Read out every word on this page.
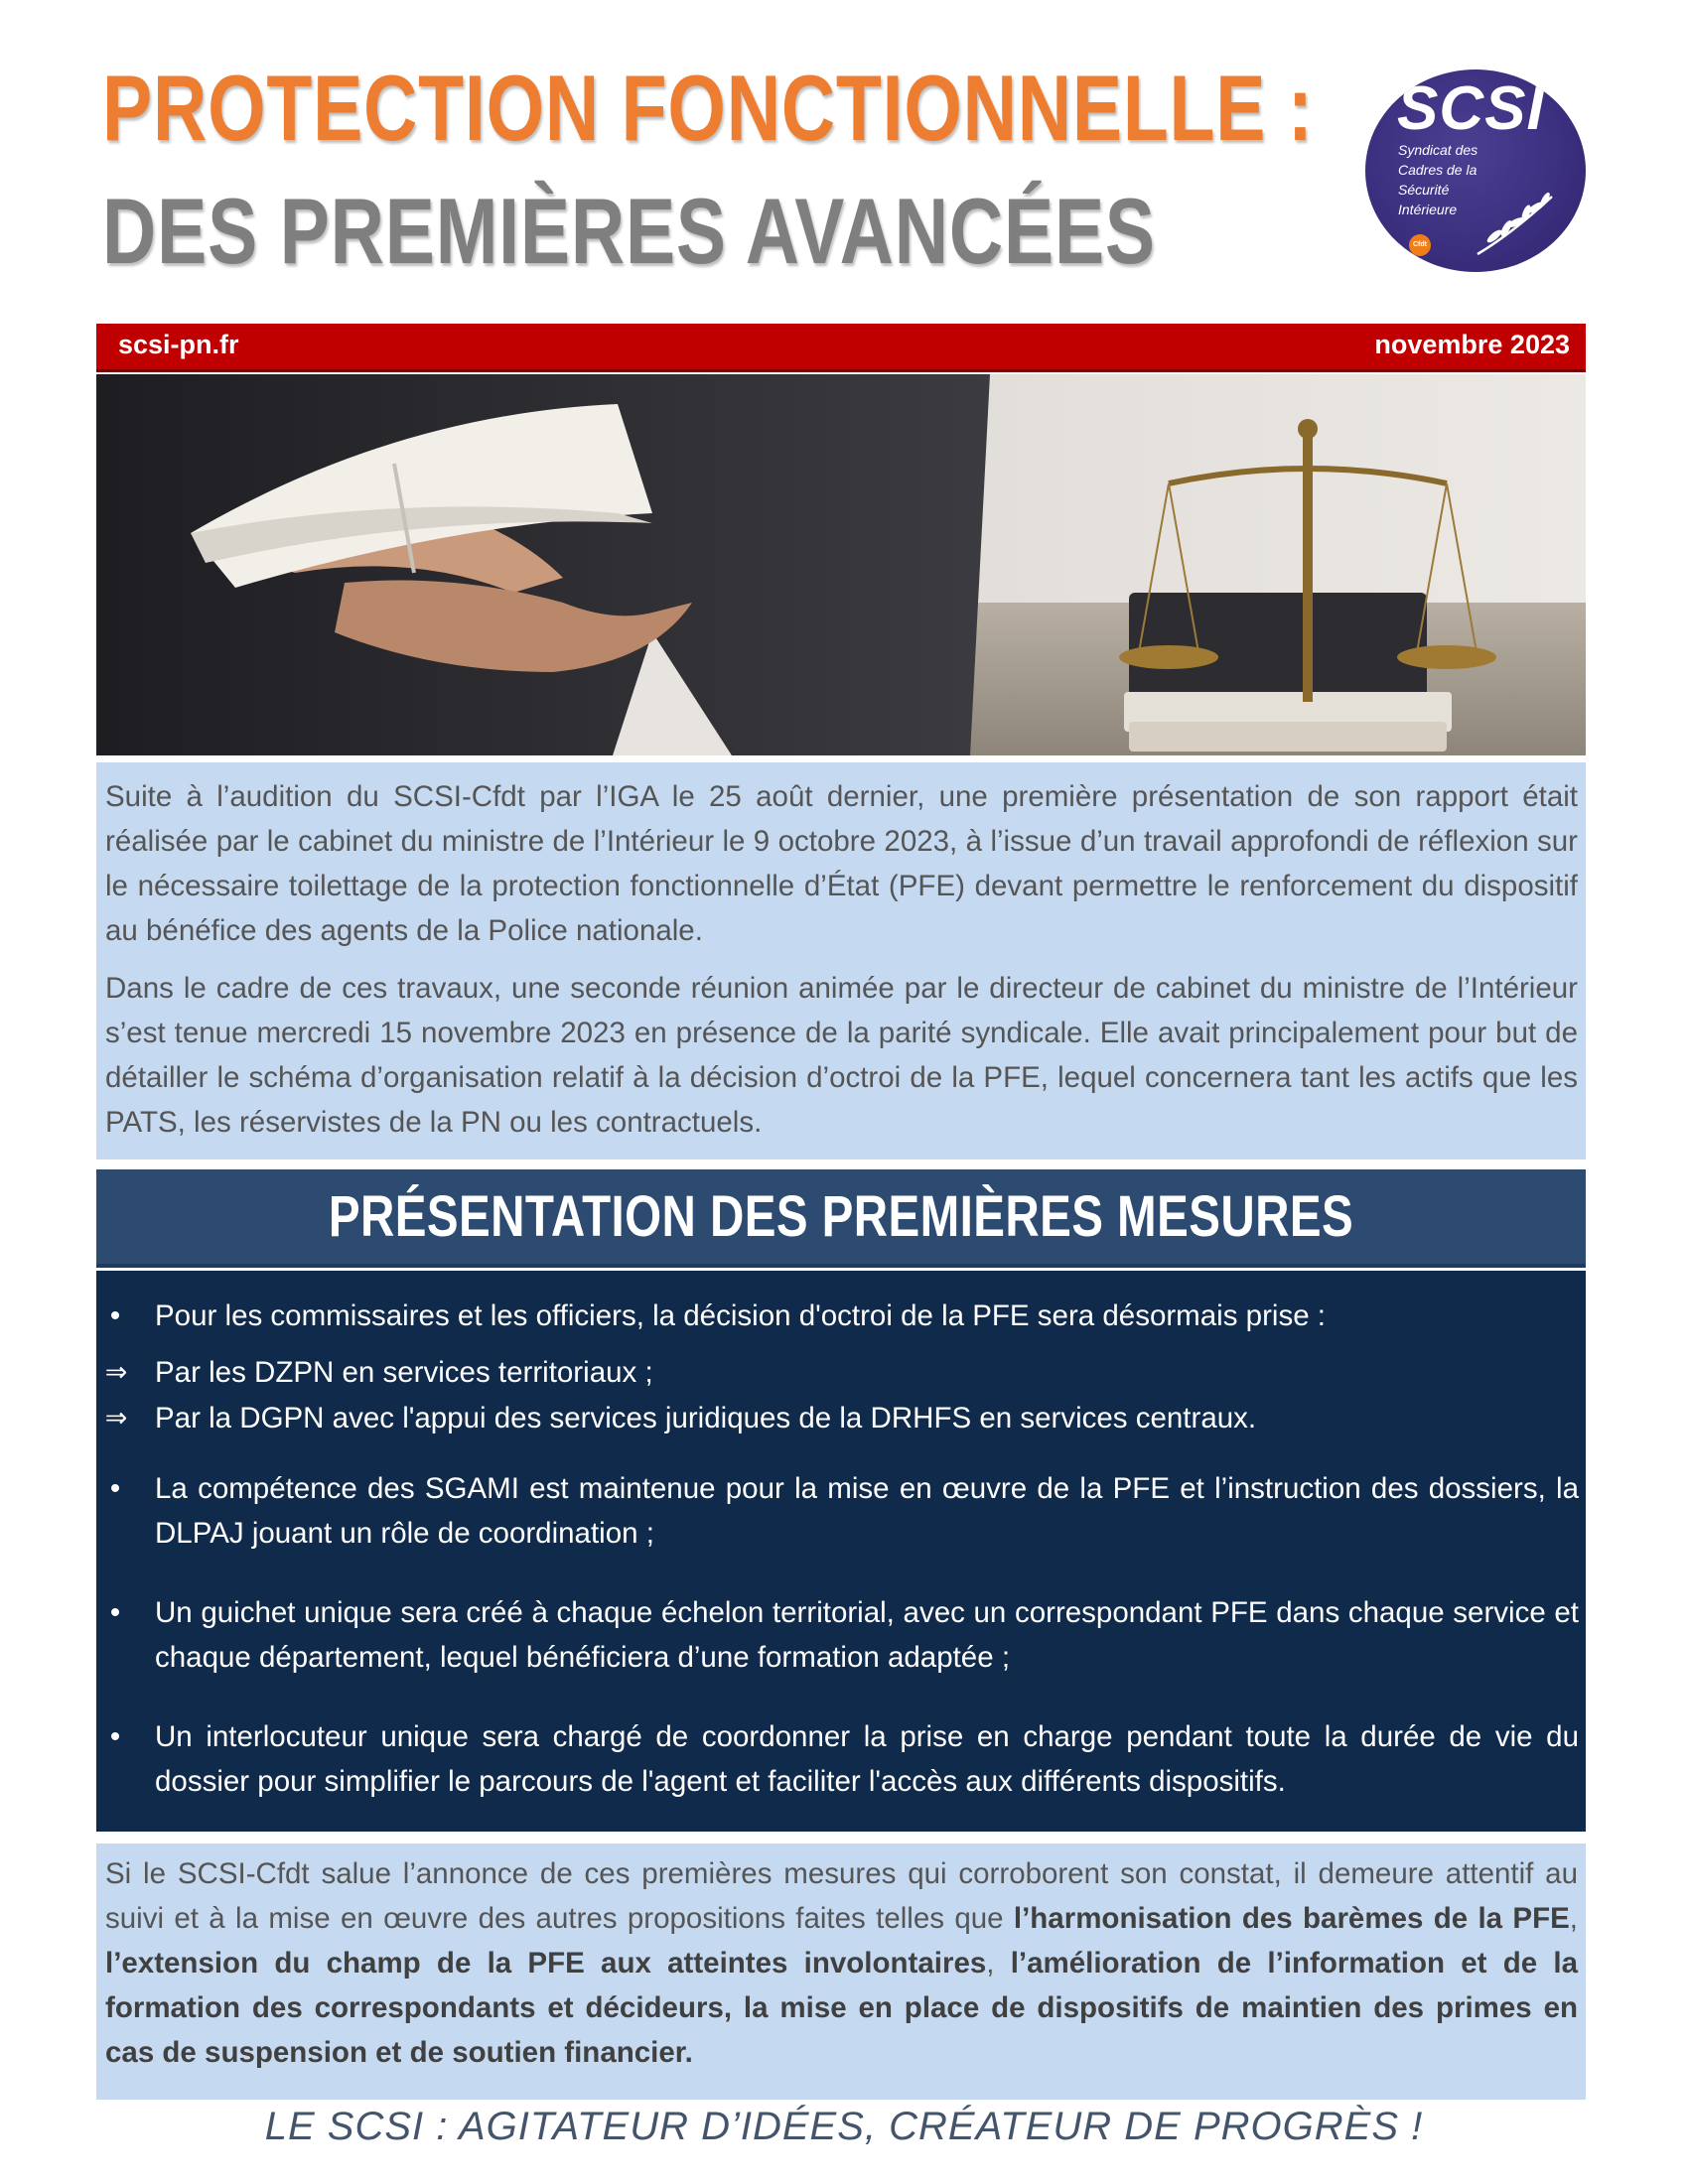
PROTECTION FONCTIONNELLE :
DES PREMIÈRES AVANCÉES
SCSI
Syndicat des
Cadres de la
Sécurité
Intérieure
Cfdt
scsi-pn.fr	novembre 2023

Suite à l’audition du SCSI-Cfdt par l’IGA le 25 août dernier, une première présentation de son rapport était réalisée par le cabinet du ministre de l’Intérieur le 9 octobre 2023, à l’issue d’un travail approfondi de réflexion sur le nécessaire toilettage de la protection fonctionnelle d’État (PFE) devant permettre le renforcement du dispositif au bénéfice des agents de la Police nationale.

Dans le cadre de ces travaux, une seconde réunion animée par le directeur de cabinet du ministre de l’Intérieur s’est tenue mercredi 15 novembre 2023 en présence de la parité syndicale. Elle avait principalement pour but de détailler le schéma d’organisation relatif à la décision d’octroi de la PFE, lequel concernera tant les actifs que les PATS, les réservistes de la PN ou les contractuels.

PRÉSENTATION DES PREMIÈRES MESURES
• Pour les commissaires et les officiers, la décision d'octroi de la PFE sera désormais prise :
⇒ Par les DZPN en services territoriaux ;
⇒ Par la DGPN avec l'appui des services juridiques de la DRHFS en services centraux.
• La compétence des SGAMI est maintenue pour la mise en œuvre de la PFE et l’instruction des dossiers, la DLPAJ jouant un rôle de coordination ;
• Un guichet unique sera créé à chaque échelon territorial, avec un correspondant PFE dans chaque service et chaque département, lequel bénéficiera d’une formation adaptée ;
• Un interlocuteur unique sera chargé de coordonner la prise en charge pendant toute la durée de vie du dossier pour simplifier le parcours de l'agent et faciliter l'accès aux différents dispositifs.

Si le SCSI-Cfdt salue l’annonce de ces premières mesures qui corroborent son constat, il demeure attentif au suivi et à la mise en œuvre des autres propositions faites telles que l’harmonisation des barèmes de la PFE, l’extension du champ de la PFE aux atteintes involontaires, l’amélioration de l’information et de la formation des correspondants et décideurs, la mise en place de dispositifs de maintien des primes en cas de suspension et de soutien financier.

LE SCSI : AGITATEUR D’IDÉES, CRÉATEUR DE PROGRÈS !
